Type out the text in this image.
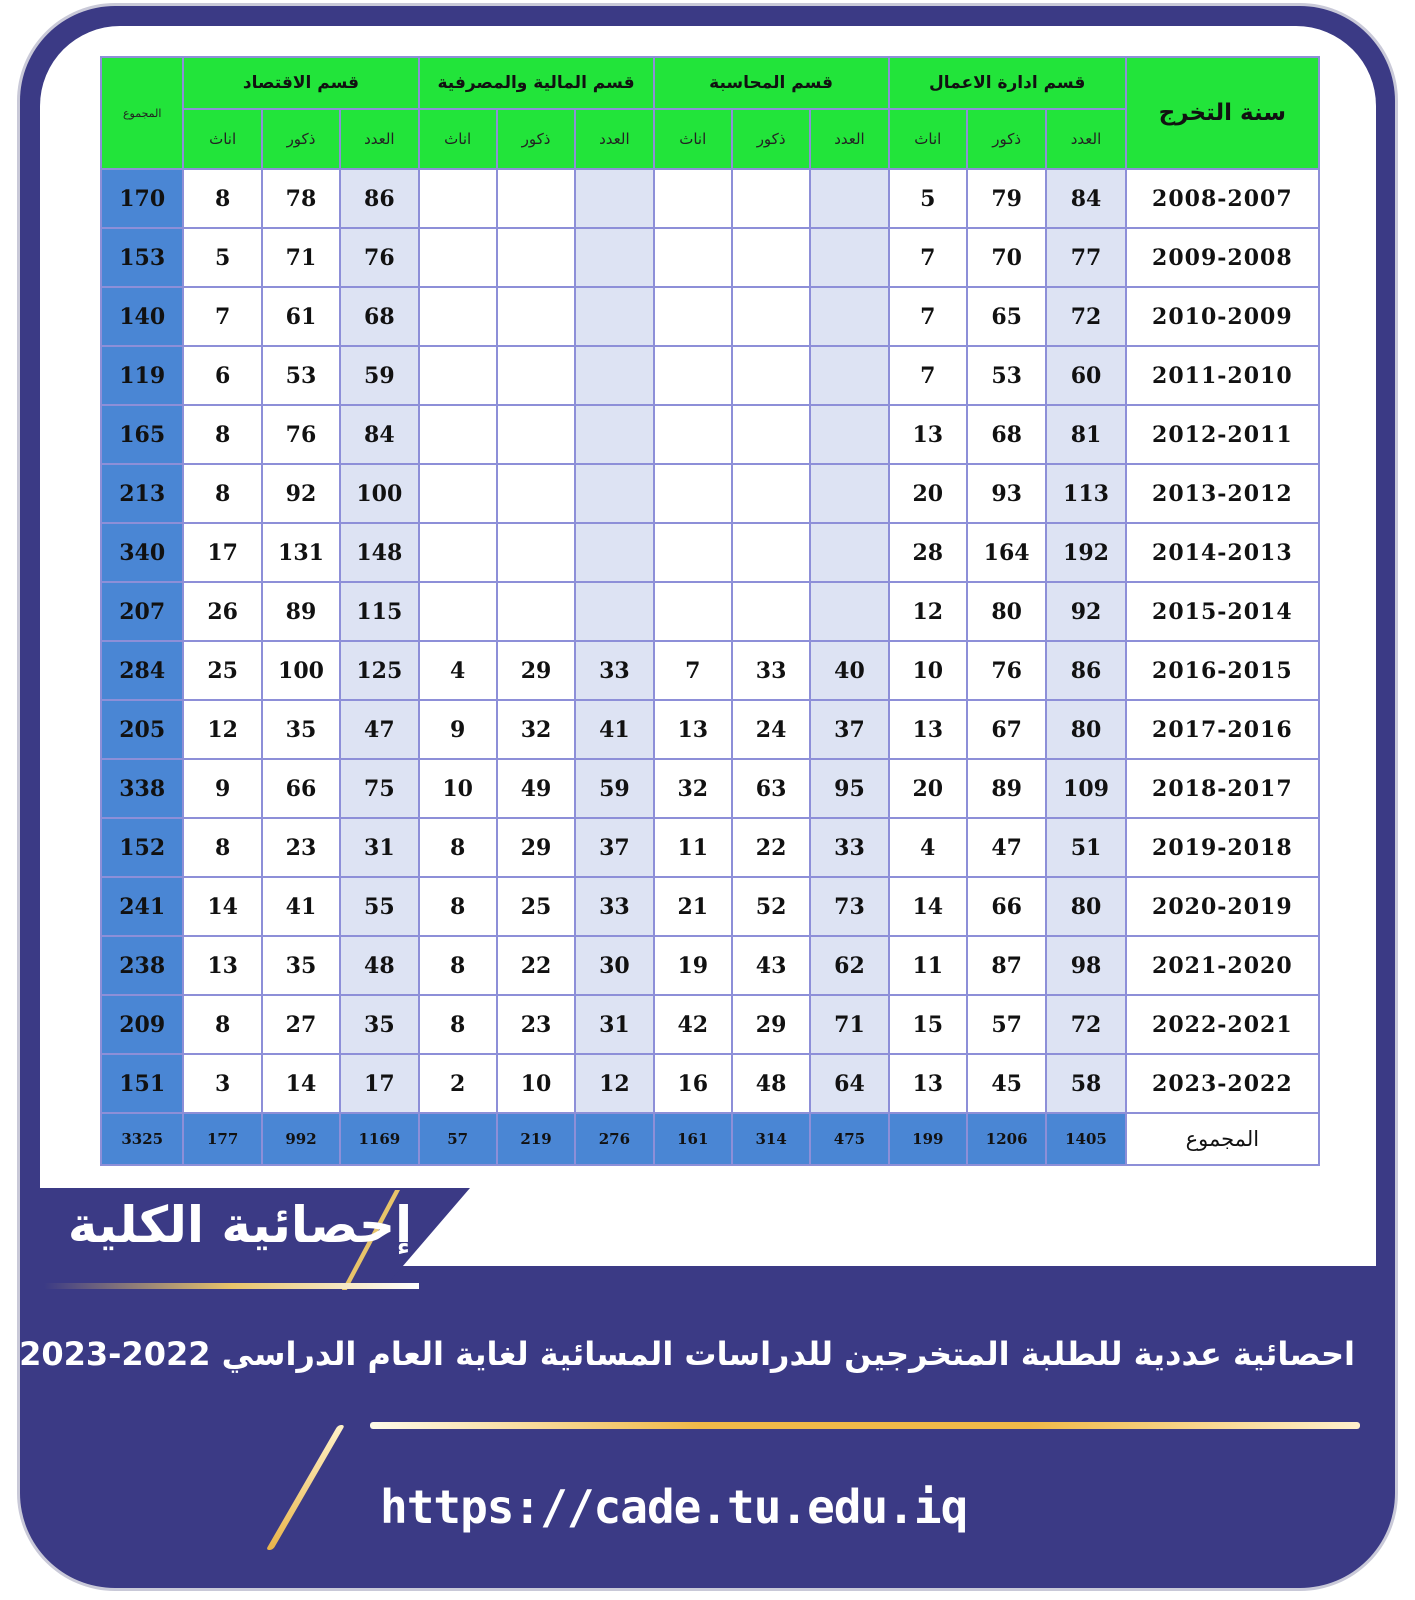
سنة التخرج	قسم ادارة الاعمال			قسم المحاسبة			قسم المالية والمصرفية			قسم الاقتصاد			المجموع
	العدد	ذكور	اناث	العدد	ذكور	اناث	العدد	ذكور	اناث	العدد	ذكور	اناث	
2008-2007	84	79	5							86	78	8	170
2009-2008	77	70	7							76	71	5	153
2010-2009	72	65	7							68	61	7	140
2011-2010	60	53	7							59	53	6	119
2012-2011	81	68	13							84	76	8	165
2013-2012	113	93	20							100	92	8	213
2014-2013	192	164	28							148	131	17	340
2015-2014	92	80	12							115	89	26	207
2016-2015	86	76	10	40	33	7	33	29	4	125	100	25	284
2017-2016	80	67	13	37	24	13	41	32	9	47	35	12	205
2018-2017	109	89	20	95	63	32	59	49	10	75	66	9	338
2019-2018	51	47	4	33	22	11	37	29	8	31	23	8	152
2020-2019	80	66	14	73	52	21	33	25	8	55	41	14	241
2021-2020	98	87	11	62	43	19	30	22	8	48	35	13	238
2022-2021	72	57	15	71	29	42	31	23	8	35	27	8	209
2023-2022	58	45	13	64	48	16	12	10	2	17	14	3	151
المجموع	1405	1206	199	475	314	161	276	219	57	1169	992	177	3325
إحصائية الكلية
احصائية عددية للطلبة المتخرجين للدراسات المسائية لغاية العام الدراسي 2022-2023
https://cade.tu.edu.iq
